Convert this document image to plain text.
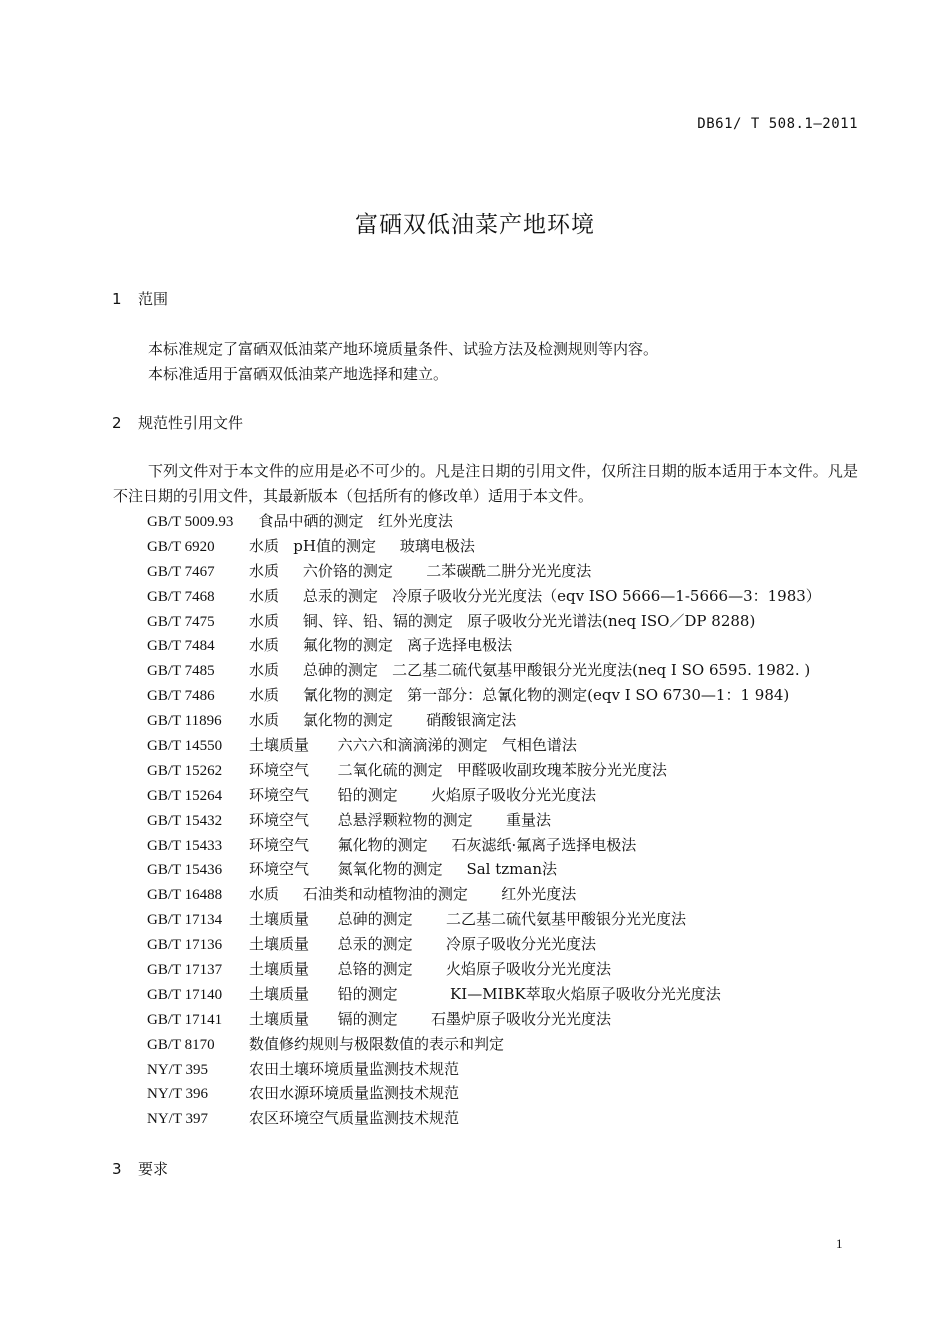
DB61/ T 508.1—2011
富硒双低油菜产地环境
1 范围
本标准规定了富硒双低油菜产地环境质量条件、试验方法及检测规则等内容。
本标准适用于富硒双低油菜产地选择和建立。
2 规范性引用文件
下列文件对于本文件的应用是必不可少的。凡是注日期的引用文件，仅所注日期的版本适用于本文件。凡是不注日期的引用文件，其最新版本（包括所有的修改单）适用于本文件。
GB/T 5009.93  食品中硒的测定   红外光度法
GB/T 6920 水质   pH值的测定     玻璃电极法
GB/T 7467 水质     六价铬的测定       二苯碳酰二肼分光光度法
GB/T 7468 水质     总汞的测定   冷原子吸收分光光度法（eqv ISO 5666—1-5666—3：1983）
GB/T 7475 水质     铜、锌、铅、镉的测定   原子吸收分光光谱法(neq ISO／DP 8288)
GB/T 7484 水质     氟化物的测定   离子选择电极法
GB/T 7485 水质     总砷的测定   二乙基二硫代氨基甲酸银分光光度法(neq I SO 6595. 1982. )
GB/T 7486 水质     氰化物的测定   第一部分：总氰化物的测定(eqv I SO 6730—1：1 984)
GB/T 11896 水质     氯化物的测定       硝酸银滴定法
GB/T 14550 土壤质量      六六六和滴滴涕的测定   气相色谱法
GB/T 15262 环境空气      二氧化硫的测定   甲醛吸收副玫瑰苯胺分光光度法
GB/T 15264 环境空气      铅的测定       火焰原子吸收分光光度法
GB/T 15432 环境空气      总悬浮颗粒物的测定       重量法
GB/T 15433 环境空气      氟化物的测定     石灰滤纸·氟离子选择电极法
GB/T 15436 环境空气      氮氧化物的测定     Sal tzman法
GB/T 16488 水质     石油类和动植物油的测定       红外光度法
GB/T 17134 土壤质量      总砷的测定       二乙基二硫代氨基甲酸银分光光度法
GB/T 17136 土壤质量      总汞的测定       冷原子吸收分光光度法
GB/T 17137 土壤质量      总铬的测定       火焰原子吸收分光光度法
GB/T 17140 土壤质量      铅的测定           KI—MIBK萃取火焰原子吸收分光光度法
GB/T 17141 土壤质量      镉的测定       石墨炉原子吸收分光光度法
GB/T 8170 数值修约规则与极限数值的表示和判定
NY/T 395	农田土壤环境质量监测技术规范
NY/T 396	农田水源环境质量监测技术规范
NY/T 397	农区环境空气质量监测技术规范
3 要求
1
